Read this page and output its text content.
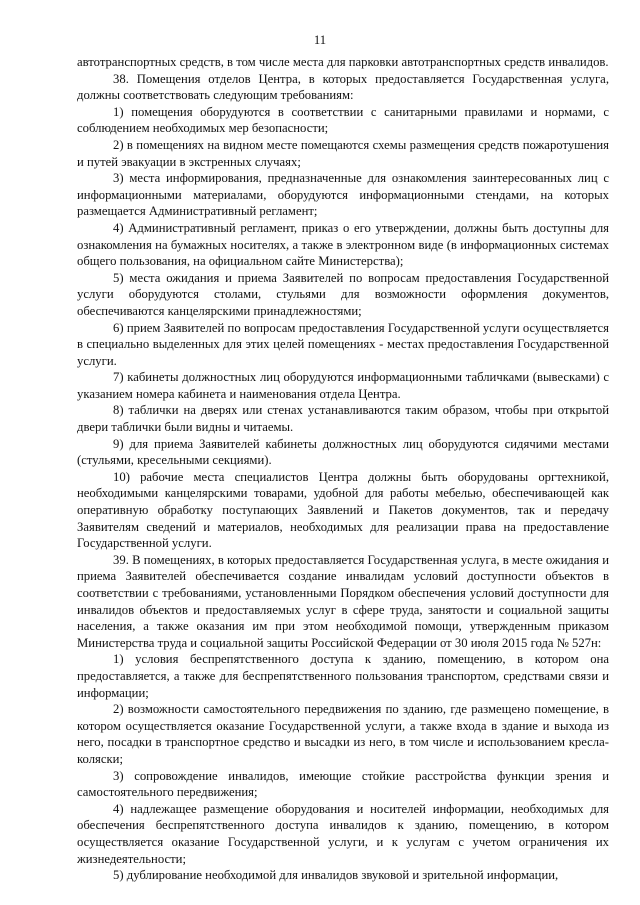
11

автотранспортных средств, в том числе места для парковки автотранспортных средств инвалидов.

38. Помещения отделов Центра, в которых предоставляется Государственная услуга, должны соответствовать следующим требованиям:

1) помещения оборудуются в соответствии с санитарными правилами и нормами, с соблюдением необходимых мер безопасности;

2) в помещениях на видном месте помещаются схемы размещения средств пожаротушения и путей эвакуации в экстренных случаях;

3) места информирования, предназначенные для ознакомления заинтересованных лиц с информационными материалами, оборудуются информационными стендами, на которых размещается Административный регламент;

4) Административный регламент, приказ о его утверждении, должны быть доступны для ознакомления на бумажных носителях, а также в электронном виде (в информационных системах общего пользования, на официальном сайте Министерства);

5) места ожидания и приема Заявителей по вопросам предоставления Государственной услуги оборудуются столами, стульями для возможности оформления документов, обеспечиваются канцелярскими принадлежностями;

6) прием Заявителей по вопросам предоставления Государственной услуги осуществляется в специально выделенных для этих целей помещениях - местах предоставления Государственной услуги.

7) кабинеты должностных лиц оборудуются информационными табличками (вывесками) с указанием номера кабинета и наименования отдела Центра.

8) таблички на дверях или стенах устанавливаются таким образом, чтобы при открытой двери таблички были видны и читаемы.

9) для приема Заявителей кабинеты должностных лиц оборудуются сидячими местами (стульями, кресельными секциями).

10) рабочие места специалистов Центра должны быть оборудованы оргтехникой, необходимыми канцелярскими товарами, удобной для работы мебелью, обеспечивающей как оперативную обработку поступающих Заявлений и Пакетов документов, так и передачу Заявителям сведений и материалов, необходимых для реализации права на предоставление Государственной услуги.

39. В помещениях, в которых предоставляется Государственная услуга, в месте ожидания и приема Заявителей обеспечивается создание инвалидам условий доступности объектов в соответствии с требованиями, установленными Порядком обеспечения условий доступности для инвалидов объектов и предоставляемых услуг в сфере труда, занятости и социальной защиты населения, а также оказания им при этом необходимой помощи, утвержденным приказом Министерства труда и социальной защиты Российской Федерации от 30 июля 2015 года № 527н:

1) условия беспрепятственного доступа к зданию, помещению, в котором она предоставляется, а также для беспрепятственного пользования транспортом, средствами связи и информации;

2) возможности самостоятельного передвижения по зданию, где размещено помещение, в котором осуществляется оказание Государственной услуги, а также входа в здание и выхода из него, посадки в транспортное средство и высадки из него, в том числе и использованием кресла-коляски;

3) сопровождение инвалидов, имеющие стойкие расстройства функции зрения и самостоятельного передвижения;

4) надлежащее размещение оборудования и носителей информации, необходимых для обеспечения беспрепятственного доступа инвалидов к зданию, помещению, в котором осуществляется оказание Государственной услуги, и к услугам с учетом ограничения их жизнедеятельности;

5) дублирование необходимой для инвалидов звуковой и зрительной информации,
